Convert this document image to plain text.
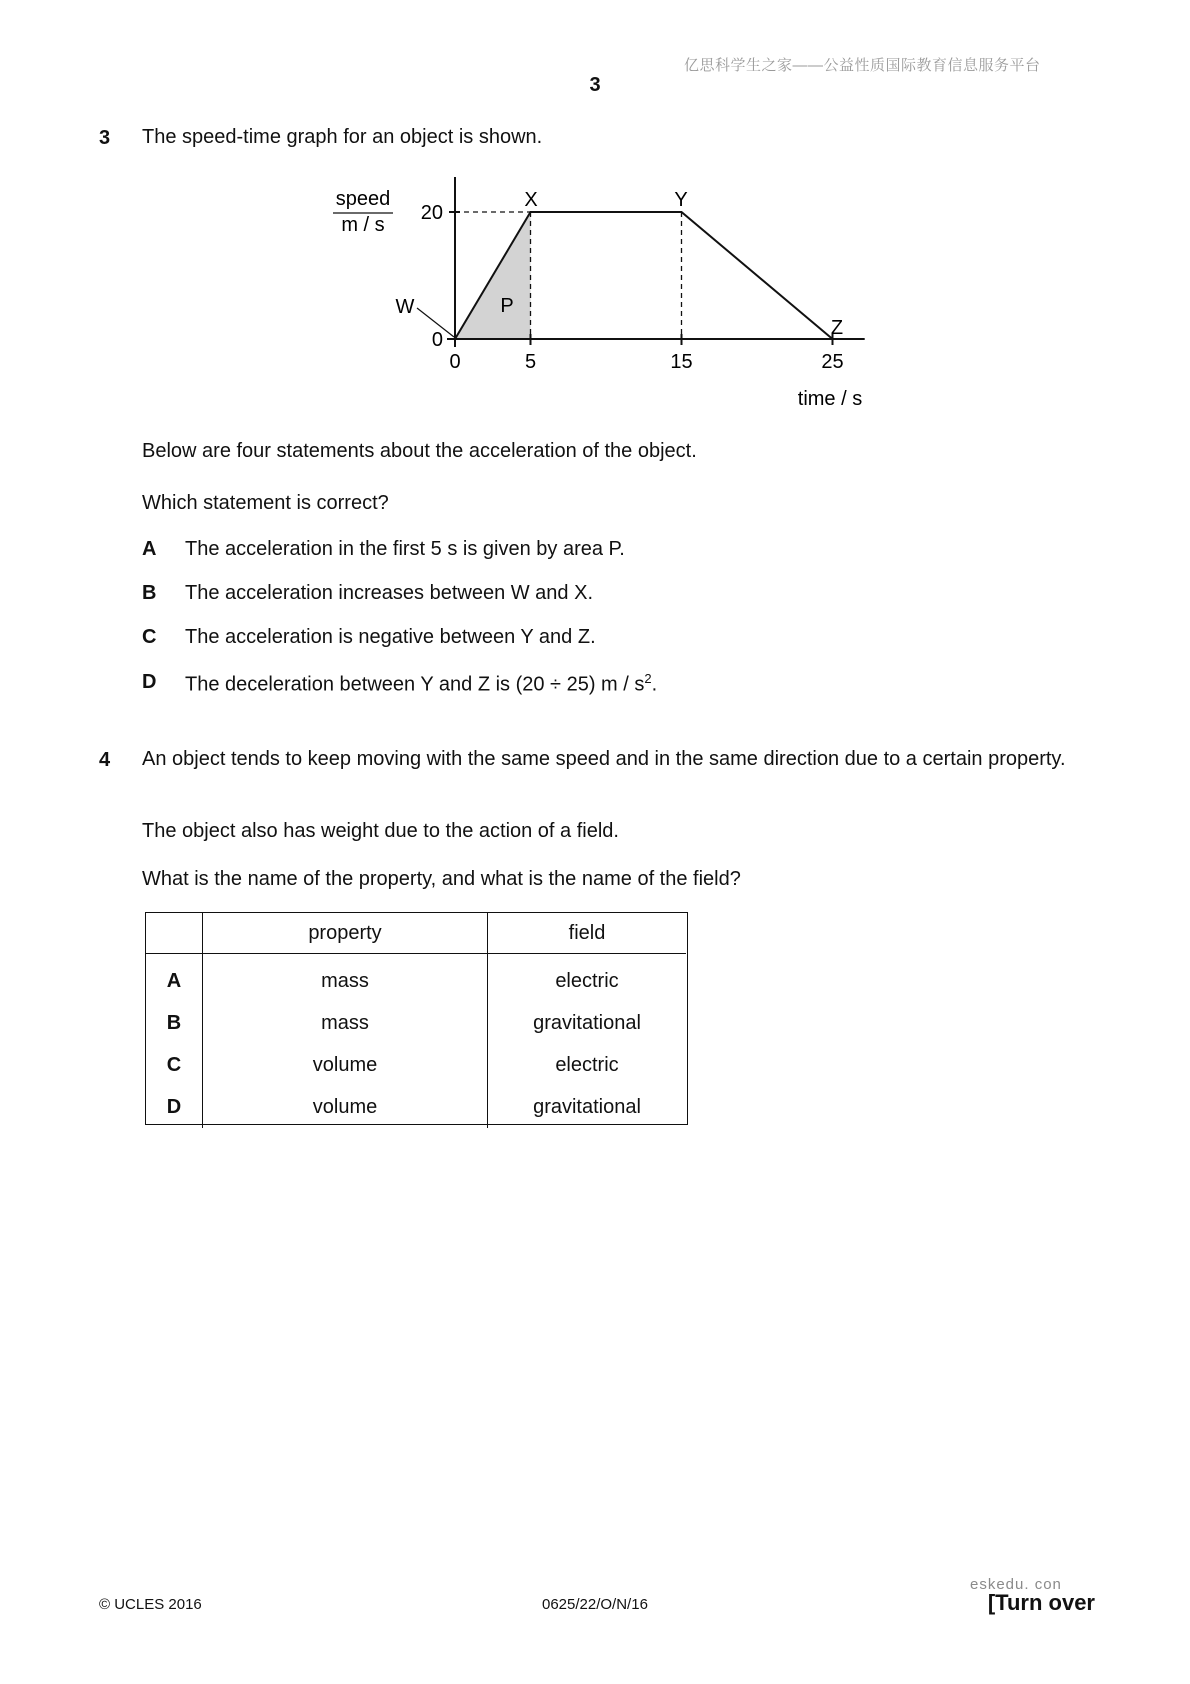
亿思科学生之家——公益性质国际教育信息服务平台
3
3 The speed-time graph for an object is shown.
0	5	15	25
0
20
speed
m / s
time / s
X	Y
Z
W	P
Below are four statements about the acceleration of the object.
Which statement is correct?
A The acceleration in the first 5 s is given by area P.
B The acceleration increases between W and X.
C The acceleration is negative between Y and Z.
D The deceleration between Y and Z is (20 ÷ 25) m / $s^2$.
4 An object tends to keep moving with the same speed and in the same direction due to a certain property.
The object also has weight due to the action of a field.
What is the name of the property, and what is the name of the field?
	property	field
A	mass	electric
B	mass	gravitational
C	volume	electric
D	volume	gravitational
eskedu. con
© UCLES 2016	0625/22/O/N/16	[Turn over
